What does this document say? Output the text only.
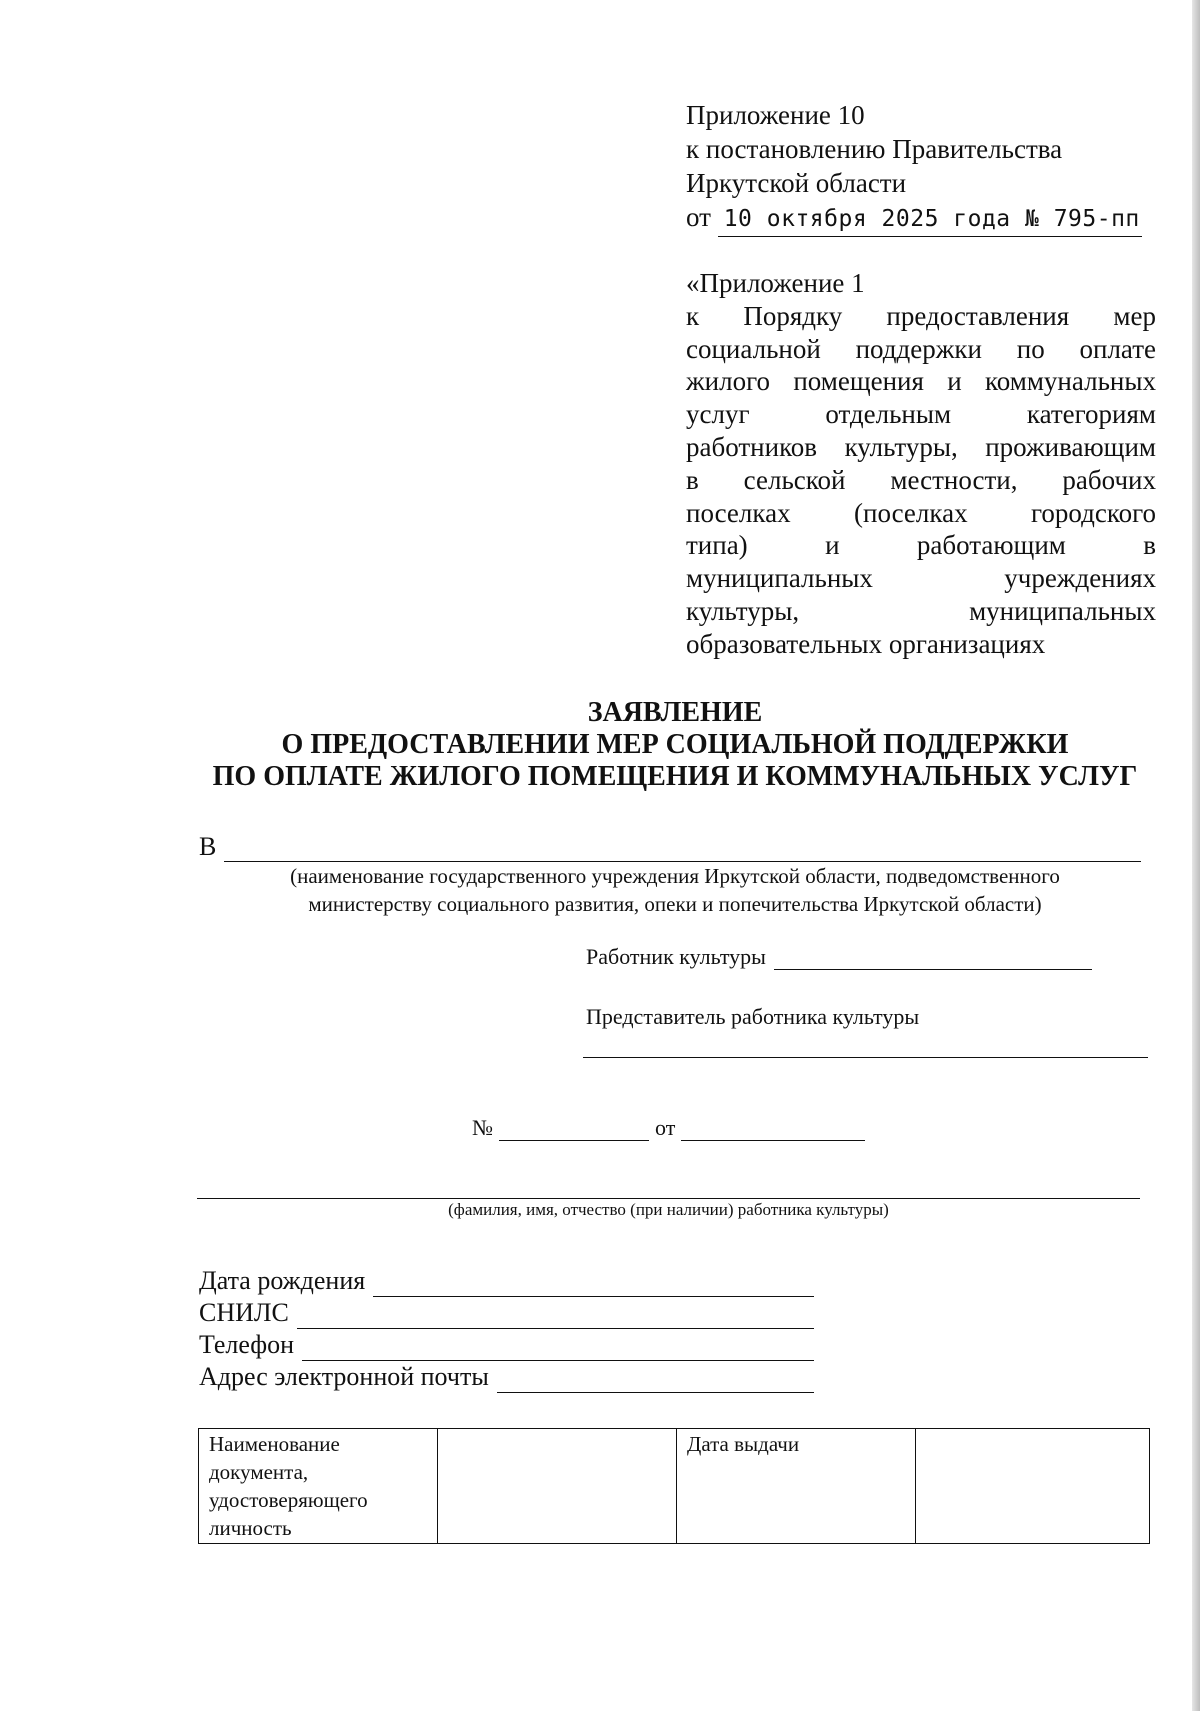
Приложение 10
к постановлению Правительства
Иркутской области
от 10 октября 2025 года № 795-пп
«Приложение 1
к Порядку предоставления мер
социальной поддержки по оплате
жилого помещения и коммунальных
услуг	отдельным	категориям
работников культуры, проживающим
в сельской местности, рабочих
поселках (поселках городского
типа)	и	работающим	в
муниципальных	учреждениях
культуры,	муниципальных
образовательных организациях
ЗАЯВЛЕНИЕ
О ПРЕДОСТАВЛЕНИИ МЕР СОЦИАЛЬНОЙ ПОДДЕРЖКИ
ПО ОПЛАТЕ ЖИЛОГО ПОМЕЩЕНИЯ И КОММУНАЛЬНЫХ УСЛУГ
В
(наименование государственного учреждения Иркутской области, подведомственного
министерству социального развития, опеки и попечительства Иркутской области)
Работник культуры
Представитель работника культуры
№	от
(фамилия, имя, отчество (при наличии) работника культуры)
Дата рождения
СНИЛС
Телефон
Адрес электронной почты
Наименование документа, удостоверяющего личность		Дата выдачи	
